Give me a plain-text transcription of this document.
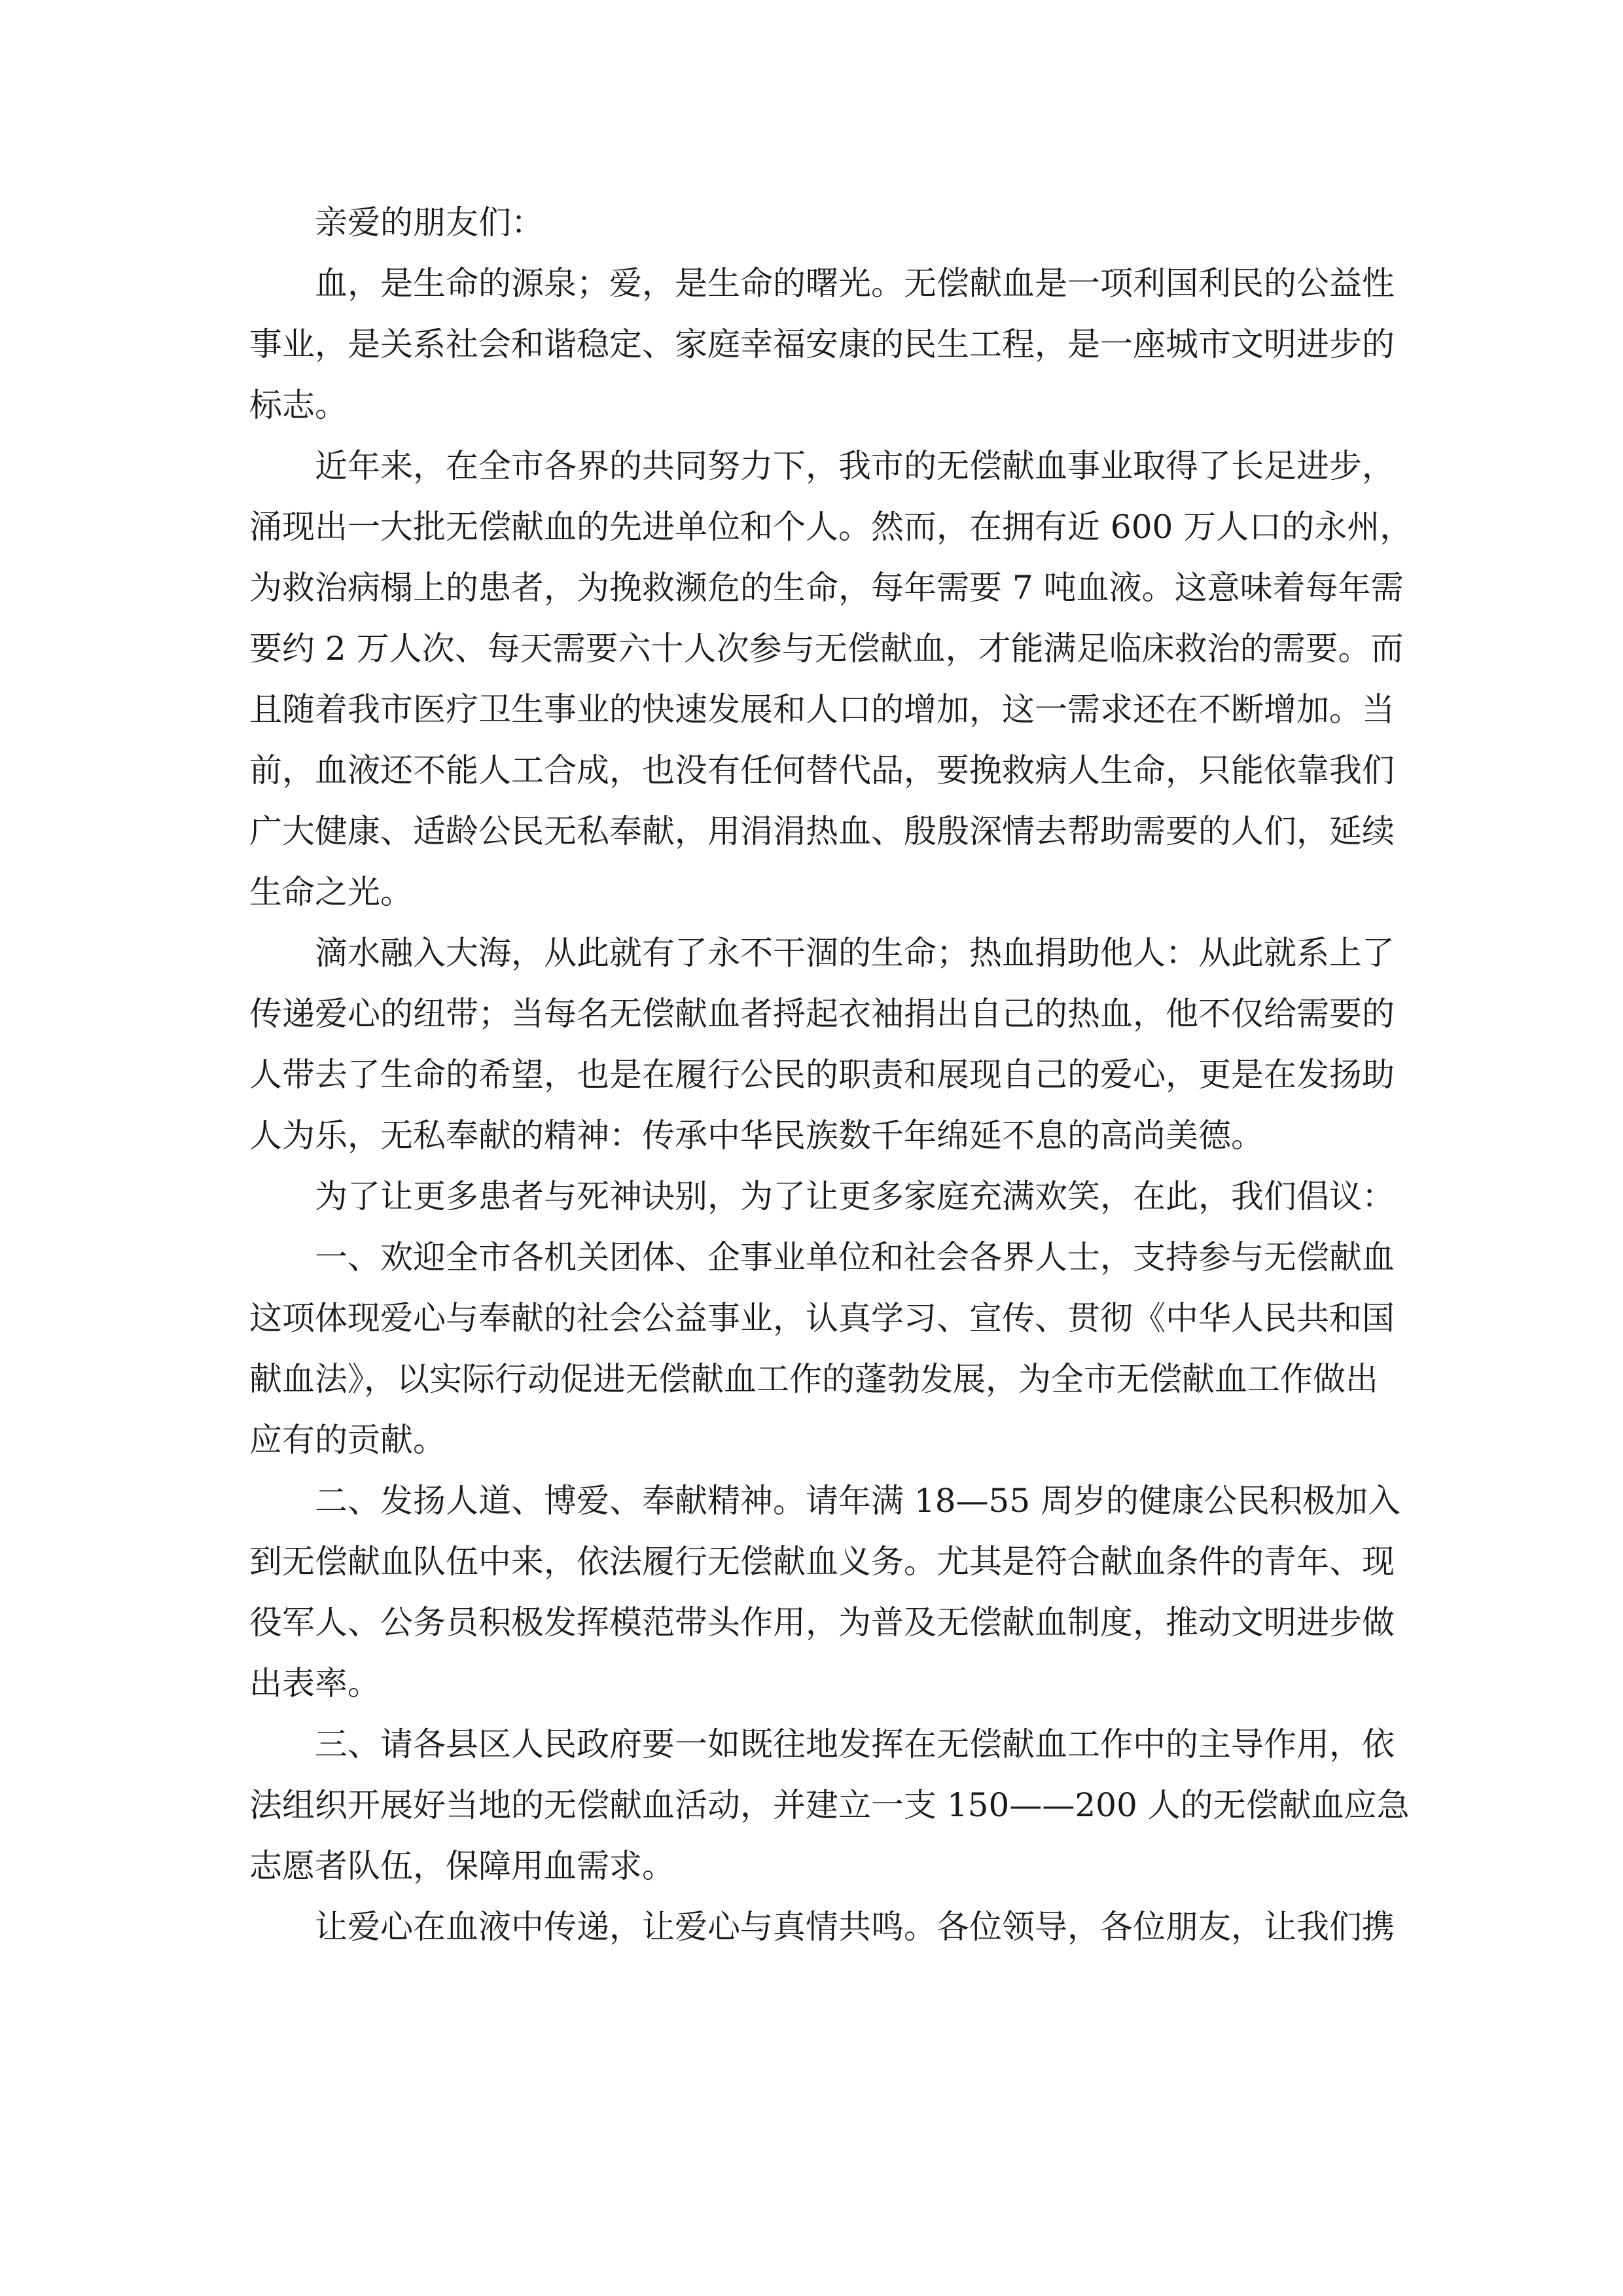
亲爱的朋友们：
血，是生命的源泉；爱，是生命的曙光。无偿献血是一项利国利民的公益性
事业，是关系社会和谐稳定、家庭幸福安康的民生工程，是一座城市文明进步的
标志。
近年来，在全市各界的共同努力下，我市的无偿献血事业取得了长足进步，
涌现出一大批无偿献血的先进单位和个人。然而，在拥有近 600 万人口的永州，
为救治病榻上的患者，为挽救濒危的生命，每年需要 7 吨血液。这意味着每年需
要约 2 万人次、每天需要六十人次参与无偿献血，才能满足临床救治的需要。而
且随着我市医疗卫生事业的快速发展和人口的增加，这一需求还在不断增加。当
前，血液还不能人工合成，也没有任何替代品，要挽救病人生命，只能依靠我们
广大健康、适龄公民无私奉献，用涓涓热血、殷殷深情去帮助需要的人们，延续
生命之光。
滴水融入大海，从此就有了永不干涸的生命；热血捐助他人：从此就系上了
传递爱心的纽带；当每名无偿献血者捋起衣袖捐出自己的热血，他不仅给需要的
人带去了生命的希望，也是在履行公民的职责和展现自己的爱心，更是在发扬助
人为乐，无私奉献的精神：传承中华民族数千年绵延不息的高尚美德。
为了让更多患者与死神诀别，为了让更多家庭充满欢笑，在此，我们倡议：
一、欢迎全市各机关团体、企事业单位和社会各界人士，支持参与无偿献血
这项体现爱心与奉献的社会公益事业，认真学习、宣传、贯彻《中华人民共和国
献血法》，以实际行动促进无偿献血工作的蓬勃发展，为全市无偿献血工作做出
应有的贡献。
二、发扬人道、博爱、奉献精神。请年满 18—55 周岁的健康公民积极加入
到无偿献血队伍中来，依法履行无偿献血义务。尤其是符合献血条件的青年、现
役军人、公务员积极发挥模范带头作用，为普及无偿献血制度，推动文明进步做
出表率。
三、请各县区人民政府要一如既往地发挥在无偿献血工作中的主导作用，依
法组织开展好当地的无偿献血活动，并建立一支 150——200 人的无偿献血应急
志愿者队伍，保障用血需求。
让爱心在血液中传递，让爱心与真情共鸣。各位领导，各位朋友，让我们携
